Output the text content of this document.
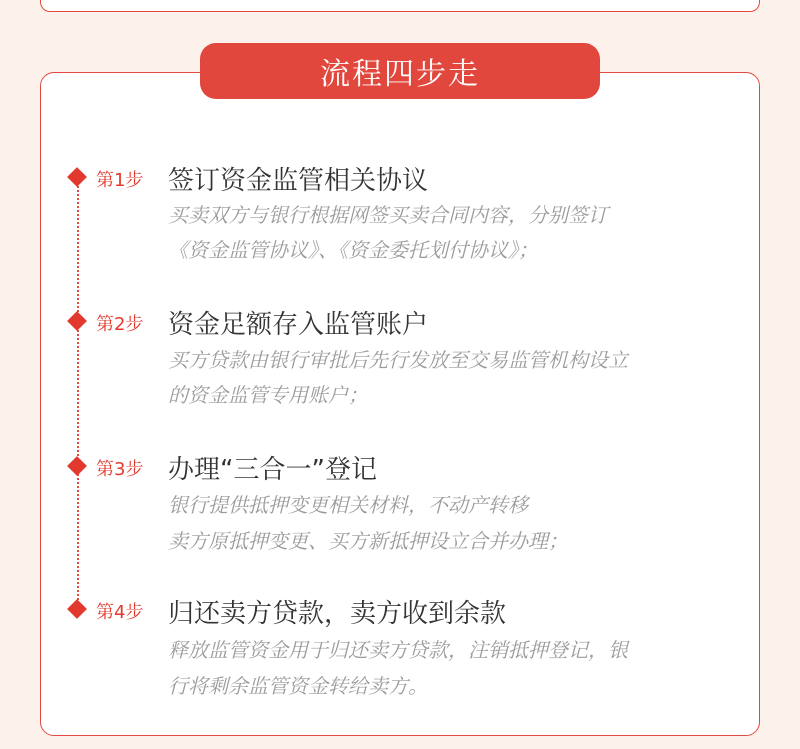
流程四步走
第1步 签订资金监管相关协议
买卖双方与银行根据网签买卖合同内容，分别签订
《资金监管协议》、《资金委托划付协议》；
第2步 资金足额存入监管账户
买方贷款由银行审批后先行发放至交易监管机构设立
的资金监管专用账户；
第3步 办理“三合一”登记
银行提供抵押变更相关材料，不动产转移
卖方原抵押变更、买方新抵押设立合并办理；
第4步 归还卖方贷款，卖方收到余款
释放监管资金用于归还卖方贷款，注销抵押登记，银
行将剩余监管资金转给卖方。
